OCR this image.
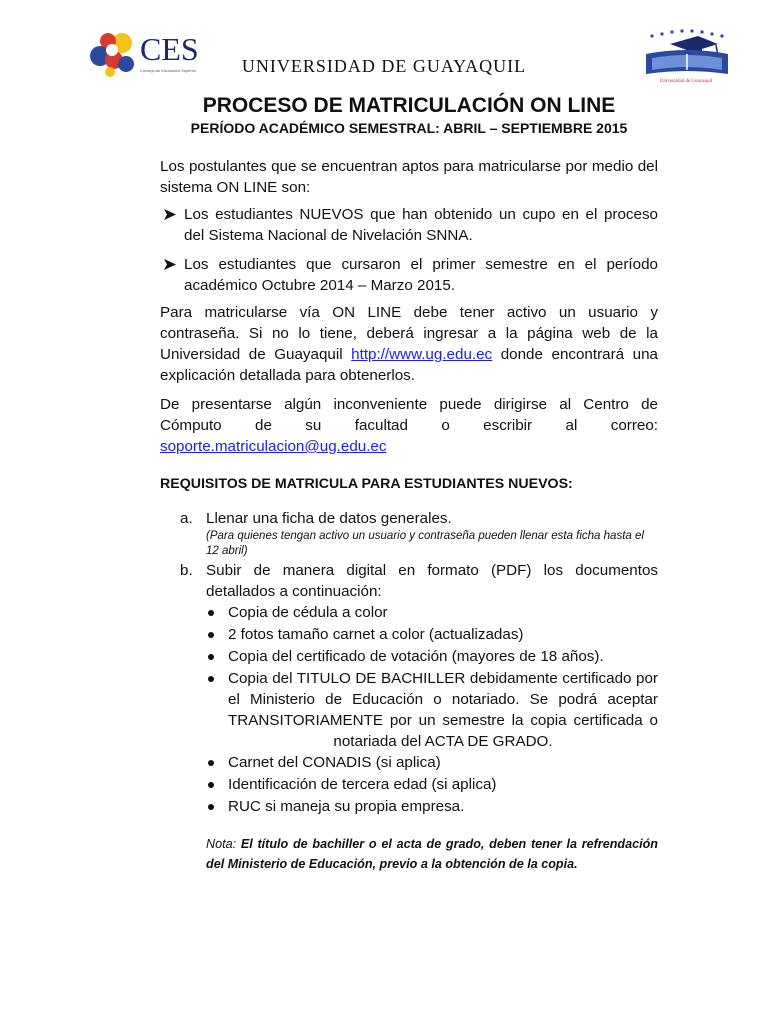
CES
Consejo de Educación Superior	UNIVERSIDAD DE GUAYAQUIL
Universidad de Guayaquil
PROCESO DE MATRICULACIÓN ON LINE
PERÍODO ACADÉMICO SEMESTRAL: ABRIL – SEPTIEMBRE 2015
Los postulantes que se encuentran aptos para matricularse por medio del sistema ON LINE son:
Los estudiantes NUEVOS que han obtenido un cupo en el proceso del Sistema Nacional de Nivelación SNNA.
Los estudiantes que cursaron el primer semestre en el período académico Octubre 2014 – Marzo 2015.
Para matricularse vía ON LINE debe tener activo un usuario y contraseña. Si no lo tiene, deberá ingresar a la página web de la Universidad de Guayaquil http://www.ug.edu.ec donde encontrará una explicación detallada para obtenerlos.
De presentarse algún inconveniente puede dirigirse al Centro de Cómputo de su facultad o escribir al correo:
soporte.matriculacion@ug.edu.ec
REQUISITOS DE MATRICULA PARA ESTUDIANTES NUEVOS:
a. Llenar una ficha de datos generales.
(Para quienes tengan activo un usuario y contraseña pueden llenar esta ficha hasta el 12 abril)
b. Subir de manera digital en formato (PDF) los documentos detallados a continuación:
Copia de cédula a color
2 fotos tamaño carnet a color (actualizadas)
Copia del certificado de votación (mayores de 18 años).
Copia del TITULO DE BACHILLER debidamente certificado por el Ministerio de Educación o notariado. Se podrá aceptar TRANSITORIAMENTE por un semestre la copia certificada o notariada del ACTA DE GRADO.
Carnet del CONADIS (si aplica)
Identificación de tercera edad (si aplica)
RUC si maneja su propia empresa.
Nota: El título de bachiller o el acta de grado, deben tener la refrendación del Ministerio de Educación, previo a la obtención de la copia.
